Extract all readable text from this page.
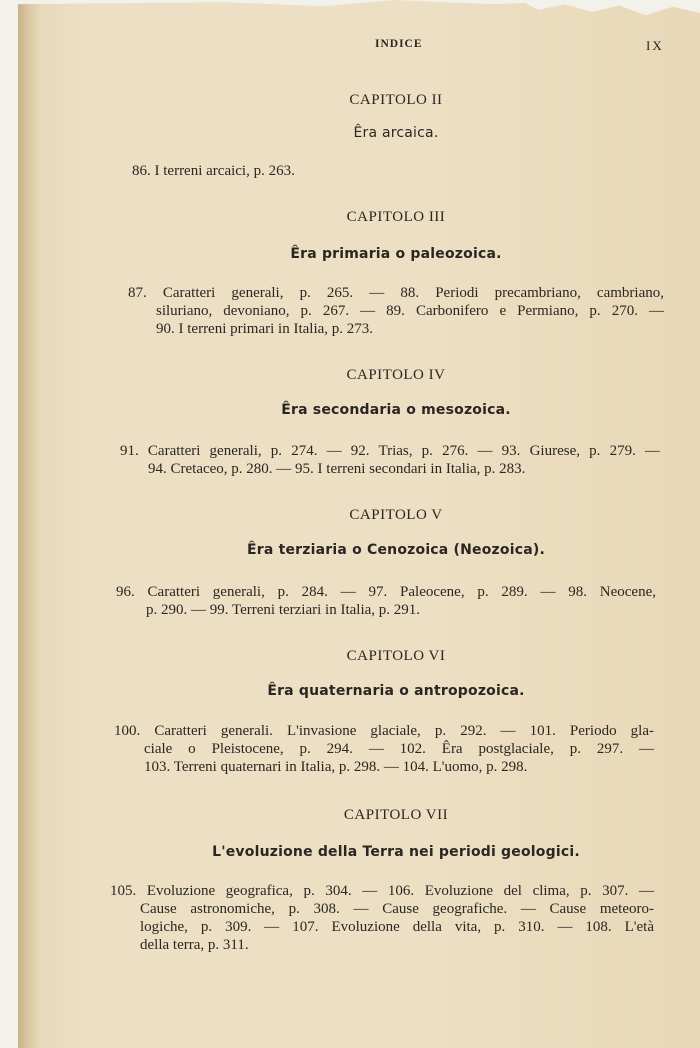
INDICE	IX
CAPITOLO II
Êra arcaica.
86. I terreni arcaici, p. 263.
CAPITOLO III
Êra primaria o paleozoica.
87. Caratteri generali, p. 265. — 88. Periodi precambriano, cambriano,
siluriano, devoniano, p. 267. — 89. Carbonifero e Permiano, p. 270. —
90. I terreni primari in Italia, p. 273.
CAPITOLO IV
Êra secondaria o mesozoica.
91. Caratteri generali, p. 274. — 92. Trias, p. 276. — 93. Giurese, p. 279. —
94. Cretaceo, p. 280. — 95. I terreni secondari in Italia, p. 283.
CAPITOLO V
Êra terziaria o Cenozoica (Neozoica).
96. Caratteri generali, p. 284. — 97. Paleocene, p. 289. — 98. Neocene,
p. 290. — 99. Terreni terziari in Italia, p. 291.
CAPITOLO VI
Êra quaternaria o antropozoica.
100. Caratteri generali. L'invasione glaciale, p. 292. — 101. Periodo gla-
ciale o Pleistocene, p. 294. — 102. Êra postglaciale, p. 297. —
103. Terreni quaternari in Italia, p. 298. — 104. L'uomo, p. 298.
CAPITOLO VII
L'evoluzione della Terra nei periodi geologici.
105. Evoluzione geografica, p. 304. — 106. Evoluzione del clima, p. 307. —
Cause astronomiche, p. 308. — Cause geografiche. — Cause meteoro-
logiche, p. 309. — 107. Evoluzione della vita, p. 310. — 108. L'età
della terra, p. 311.
